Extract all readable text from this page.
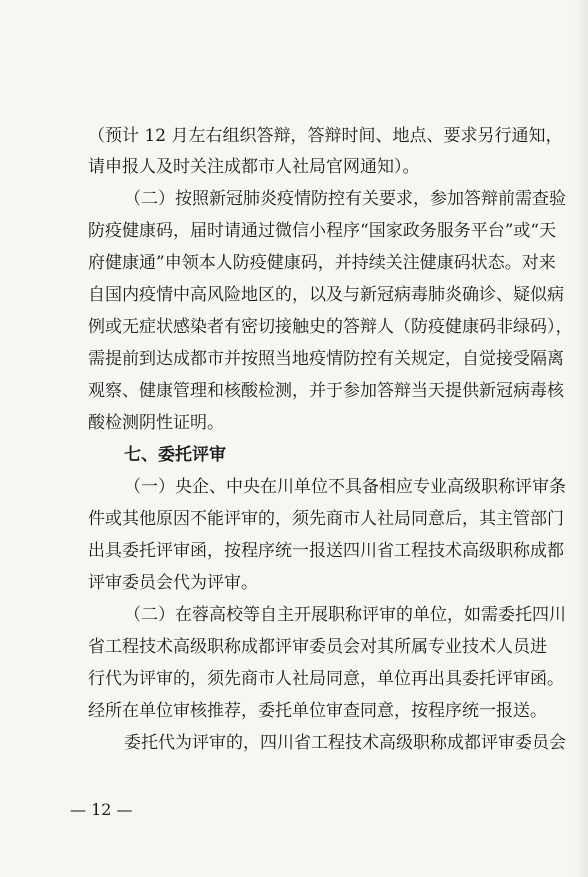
（预计 12 月左右组织答辩，答辩时间、地点、要求另行通知，
请申报人及时关注成都市人社局官网通知）。
（二）按照新冠肺炎疫情防控有关要求，参加答辩前需查验
防疫健康码，届时请通过微信小程序“国家政务服务平台”或“天
府健康通”申领本人防疫健康码，并持续关注健康码状态。对来
自国内疫情中高风险地区的，以及与新冠病毒肺炎确诊、疑似病
例或无症状感染者有密切接触史的答辩人（防疫健康码非绿码），
需提前到达成都市并按照当地疫情防控有关规定，自觉接受隔离
观察、健康管理和核酸检测，并于参加答辩当天提供新冠病毒核
酸检测阴性证明。
七、委托评审
（一）央企、中央在川单位不具备相应专业高级职称评审条
件或其他原因不能评审的，须先商市人社局同意后，其主管部门
出具委托评审函，按程序统一报送四川省工程技术高级职称成都
评审委员会代为评审。
（二）在蓉高校等自主开展职称评审的单位，如需委托四川
省工程技术高级职称成都评审委员会对其所属专业技术人员进
行代为评审的，须先商市人社局同意，单位再出具委托评审函。
经所在单位审核推荐，委托单位审查同意，按程序统一报送。
委托代为评审的，四川省工程技术高级职称成都评审委员会
— 12 —
